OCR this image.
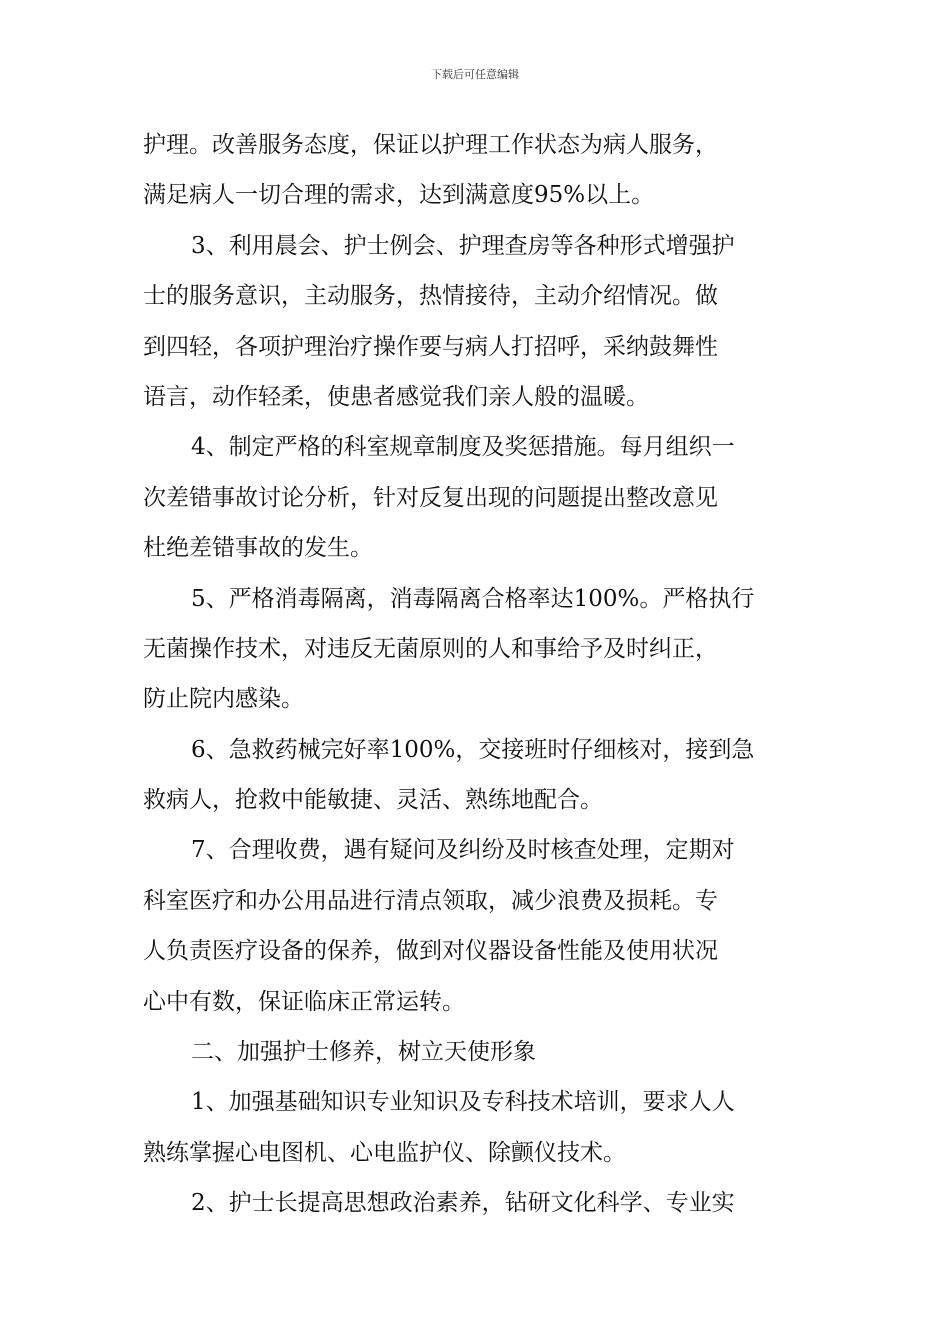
下载后可任意编辑
护理。改善服务态度，保证以护理工作状态为病人服务，
满足病人一切合理的需求，达到满意度95%以上。
3、利用晨会、护士例会、护理查房等各种形式增强护
士的服务意识，主动服务，热情接待，主动介绍情况。做
到四轻，各项护理治疗操作要与病人打招呼，采纳鼓舞性
语言，动作轻柔，使患者感觉我们亲人般的温暖。
4、制定严格的科室规章制度及奖惩措施。每月组织一
次差错事故讨论分析，针对反复出现的问题提出整改意见
杜绝差错事故的发生。
5、严格消毒隔离，消毒隔离合格率达100%。严格执行
无菌操作技术，对违反无菌原则的人和事给予及时纠正，
防止院内感染。
6、急救药械完好率100%，交接班时仔细核对，接到急
救病人，抢救中能敏捷、灵活、熟练地配合。
7、合理收费，遇有疑问及纠纷及时核查处理，定期对
科室医疗和办公用品进行清点领取，减少浪费及损耗。专
人负责医疗设备的保养，做到对仪器设备性能及使用状况
心中有数，保证临床正常运转。
二、加强护士修养，树立天使形象
1、加强基础知识专业知识及专科技术培训，要求人人
熟练掌握心电图机、心电监护仪、除颤仪技术。
2、护士长提高思想政治素养，钻研文化科学、专业实
